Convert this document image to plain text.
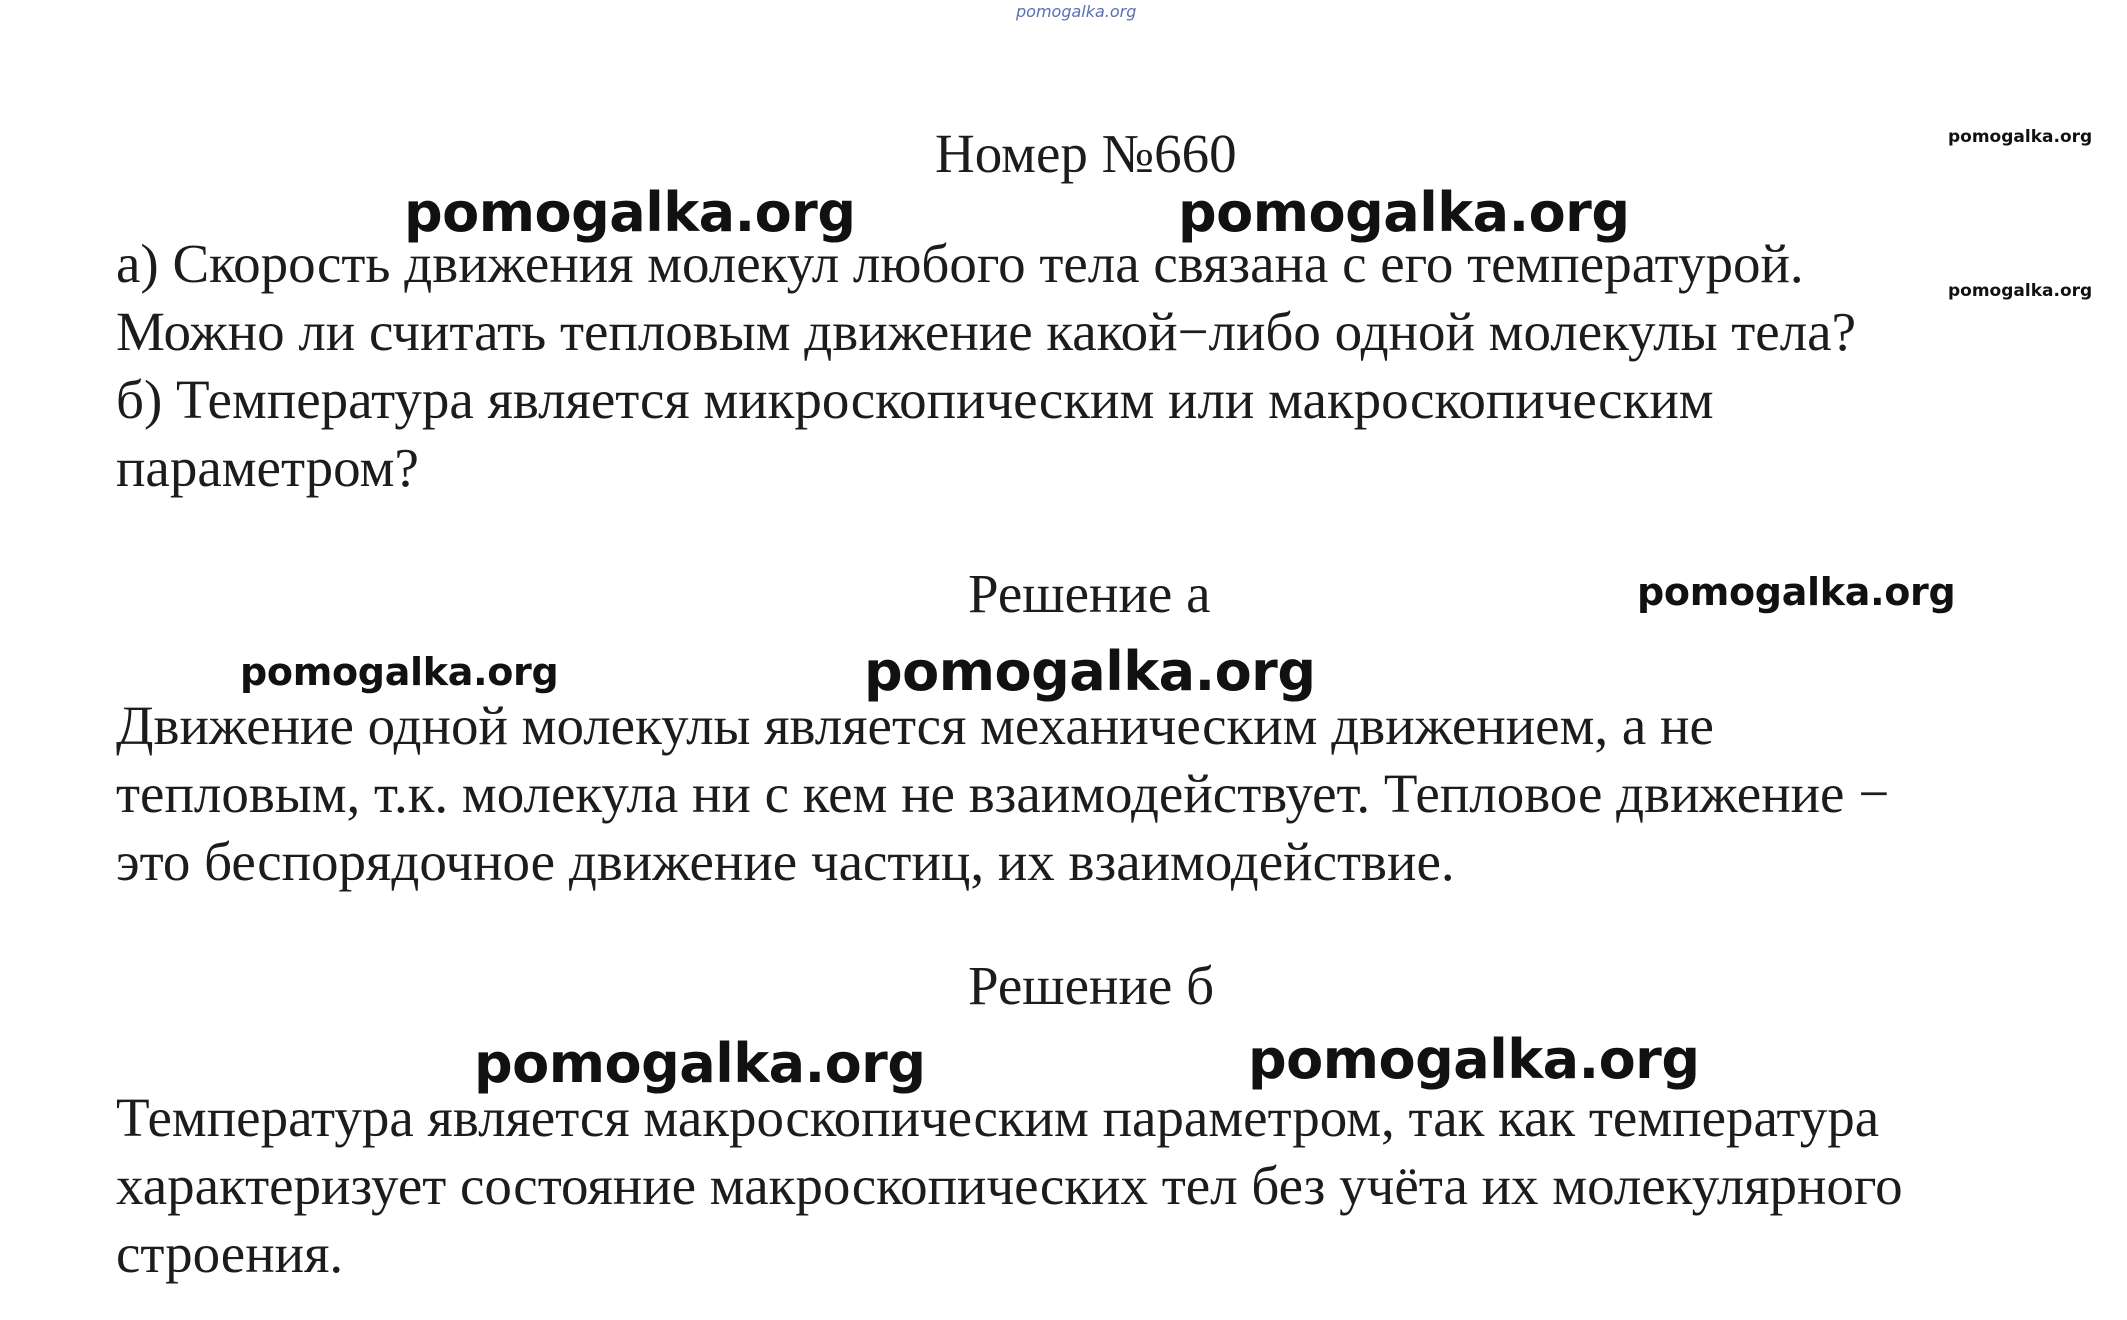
pomogalka.org
Номер №660	pomogalka.org
pomogalka.org	pomogalka.org
а) Скорость движения молекул любого тела связана с его температурой.	pomogalka.org
Можно ли считать тепловым движение какой−либо одной молекулы тела?
б) Температура является микроскопическим или макроскопическим
параметром?
Решение а	pomogalka.org
pomogalka.org	pomogalka.org
Движение одной молекулы является механическим движением, а не
тепловым, т.к. молекула ни с кем не взаимодействует. Тепловое движение −
это беспорядочное движение частиц, их взаимодействие.
Решение б
pomogalka.org	pomogalka.org
Температура является макроскопическим параметром, так как температура
характеризует состояние макроскопических тел без учёта их молекулярного
строения.
